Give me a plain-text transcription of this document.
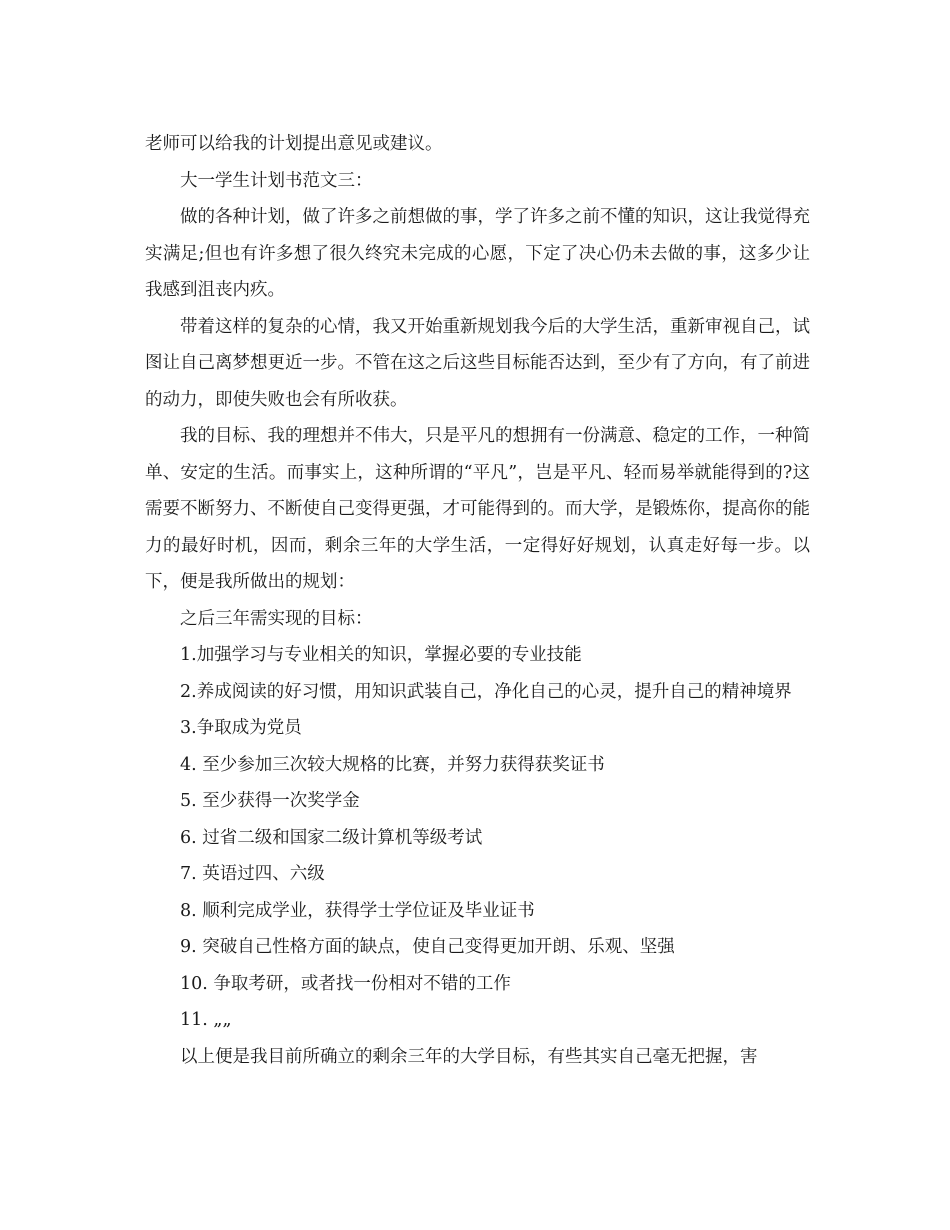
老师可以给我的计划提出意见或建议。

大一学生计划书范文三：

做的各种计划，做了许多之前想做的事，学了许多之前不懂的知识，这让我觉得充实满足;但也有许多想了很久终究未完成的心愿，下定了决心仍未去做的事，这多少让我感到沮丧内疚。

带着这样的复杂的心情，我又开始重新规划我今后的大学生活，重新审视自己，试图让自己离梦想更近一步。不管在这之后这些目标能否达到，至少有了方向，有了前进的动力，即使失败也会有所收获。

我的目标、我的理想并不伟大，只是平凡的想拥有一份满意、稳定的工作，一种简单、安定的生活。而事实上，这种所谓的“平凡”，岂是平凡、轻而易举就能得到的?这需要不断努力、不断使自己变得更强，才可能得到的。而大学，是锻炼你，提高你的能力的最好时机，因而，剩余三年的大学生活，一定得好好规划，认真走好每一步。以下，便是我所做出的规划：

之后三年需实现的目标：

1.加强学习与专业相关的知识，掌握必要的专业技能

2.养成阅读的好习惯，用知识武装自己，净化自己的心灵，提升自己的精神境界

3.争取成为党员

4. 至少参加三次较大规格的比赛，并努力获得获奖证书

5. 至少获得一次奖学金

6. 过省二级和国家二级计算机等级考试

7. 英语过四、六级

8. 顺利完成学业，获得学士学位证及毕业证书

9. 突破自己性格方面的缺点，使自己变得更加开朗、乐观、坚强

10. 争取考研，或者找一份相对不错的工作

11. „„

以上便是我目前所确立的剩余三年的大学目标，有些其实自己毫无把握，害
